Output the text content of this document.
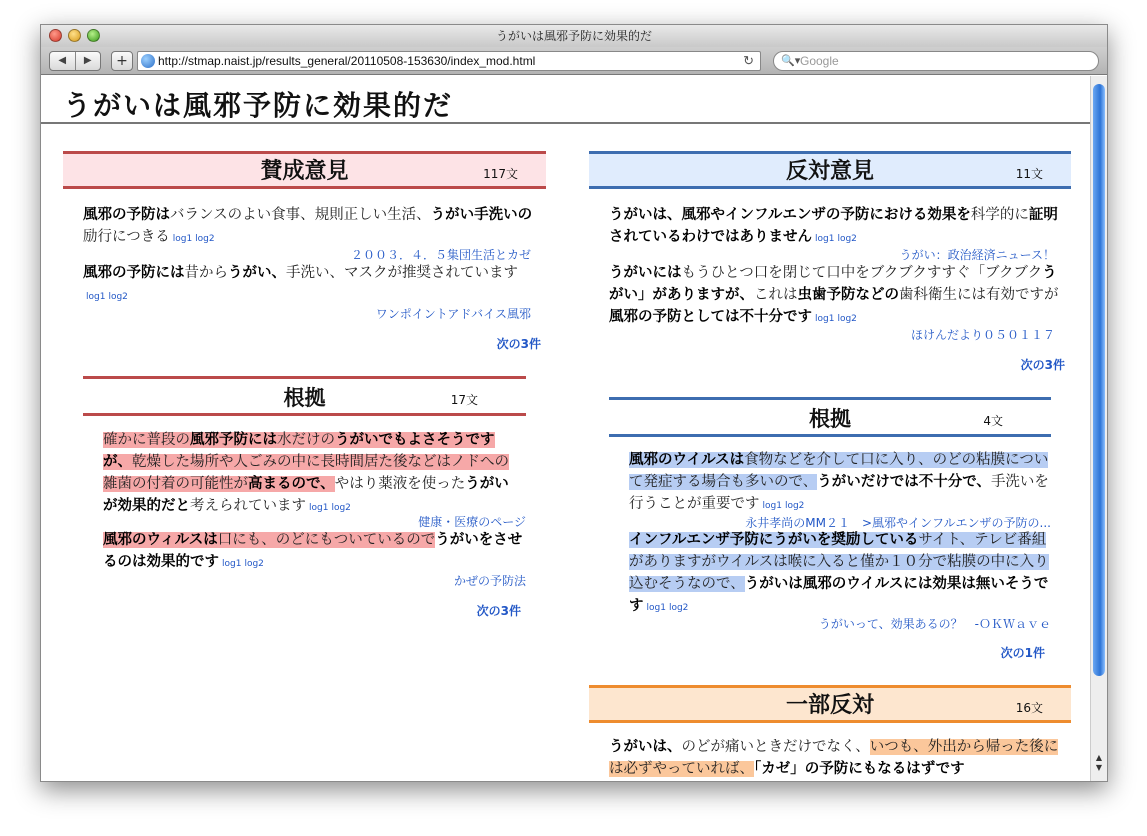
うがいは風邪予防に効果的だ
◀	▶	+	http://stmap.naist.jp/results_general/20110508-153630/index_mod.html	↻ 🔍▾ Google
うがいは風邪予防に効果的だ
賛成意見	117文
風邪の予防はバランスのよい食事、規則正しい生活、うがい手洗いの励行につきる log1 log2
２００３．４．５集団生活とカゼ
風邪の予防には昔からうがい、手洗い、マスクが推奨されていますlog1 log2
ワンポイントアドバイス風邪
次の3件
根拠	17文
確かに普段の風邪予防には水だけのうがいでもよさそうですが、乾燥した場所や人ごみの中に長時間居た後などはノドへの雑菌の付着の可能性が高まるので、やはり薬液を使ったうがいが効果的だと考えられています log1 log2
健康・医療のページ
風邪のウィルスは口にも、のどにもついているのでうがいをさせるのは効果的です log1 log2
かぜの予防法
次の3件
反対意見	11文
うがいは、風邪やインフルエンザの予防における効果を科学的に証明されているわけではありません log1 log2
うがい：政治経済ニュース！
うがいにはもうひとつ口を閉じて口中をブクブクすすぐ「ブクブクうがい」がありますが、これは虫歯予防などの歯科衛生には有効ですが風邪の予防としては不十分です log1 log2
ほけんだより０５０１１７
次の3件
根拠	4文
風邪のウイルスは食物などを介して口に入り、のどの粘膜について発症する場合も多いので、うがいだけでは不十分で、手洗いを行うことが重要です log1 log2
永井孝尚のMM２１　>風邪やインフルエンザの予防の...
インフルエンザ予防にうがいを奨励しているサイト、テレビ番組がありますがウイルスは喉に入ると僅か１０分で粘膜の中に入り込むそうなので、うがいは風邪のウイルスには効果は無いそうです log1 log2
うがいって、効果あるの？　-ＯＫＷａｖｅ
次の1件
一部反対	16文
うがいは、のどが痛いときだけでなく、いつも、外出から帰った後には必ずやっていれば、「カゼ」の予防にもなるはずです
▲
▼
